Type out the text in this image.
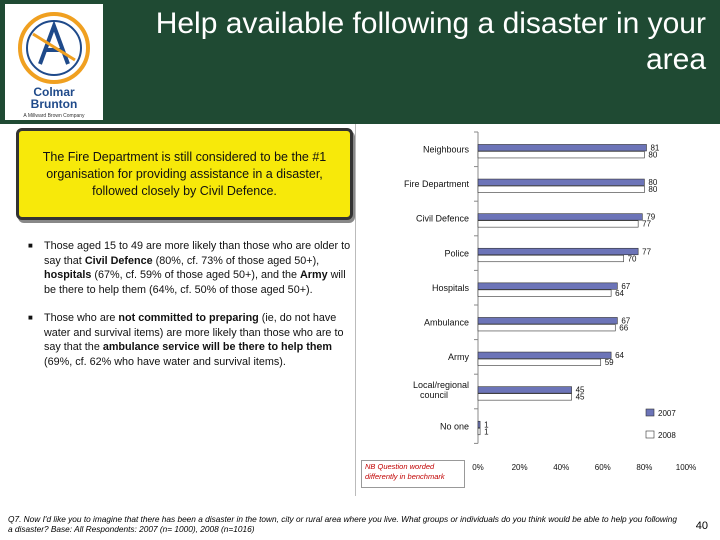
Colmar
Brunton
A Millward Brown Company
Help available following a disaster in your area
The Fire Department is still considered to be the #1 organisation for providing assistance in a disaster, followed closely by Civil Defence.
■ Those aged 15 to 49 are more likely than those who are older to say that Civil Defence (80%, cf. 73% of those aged 50+), hospitals (67%, cf. 59% of those aged 50+), and the Army will be there to help them (64%, cf. 50% of those aged 50+).
■ Those who are not committed to preparing (ie, do not have water and survival items) are more likely than those who are to say that the ambulance service will be there to help them (69%, cf. 62% who have water and survival items).
Neighbours	81
80
Fire Department	80
80
Civil Defence	79
77
Police	77
70
Hospitals	67
64
Ambulance	67
66
Army	64
59
Local/regional council	45
45
No one 1
1
0%	20%	40%	60%	80%	100%
2007
2008
NB Question worded differently in benchmark
Q7. Now I'd like you to imagine that there has been a disaster in the town, city or rural area where you live. What groups or individuals do you think would be able to help you following a disaster? Base: All Respondents: 2007 (n= 1000), 2008 (n=1016)	40
